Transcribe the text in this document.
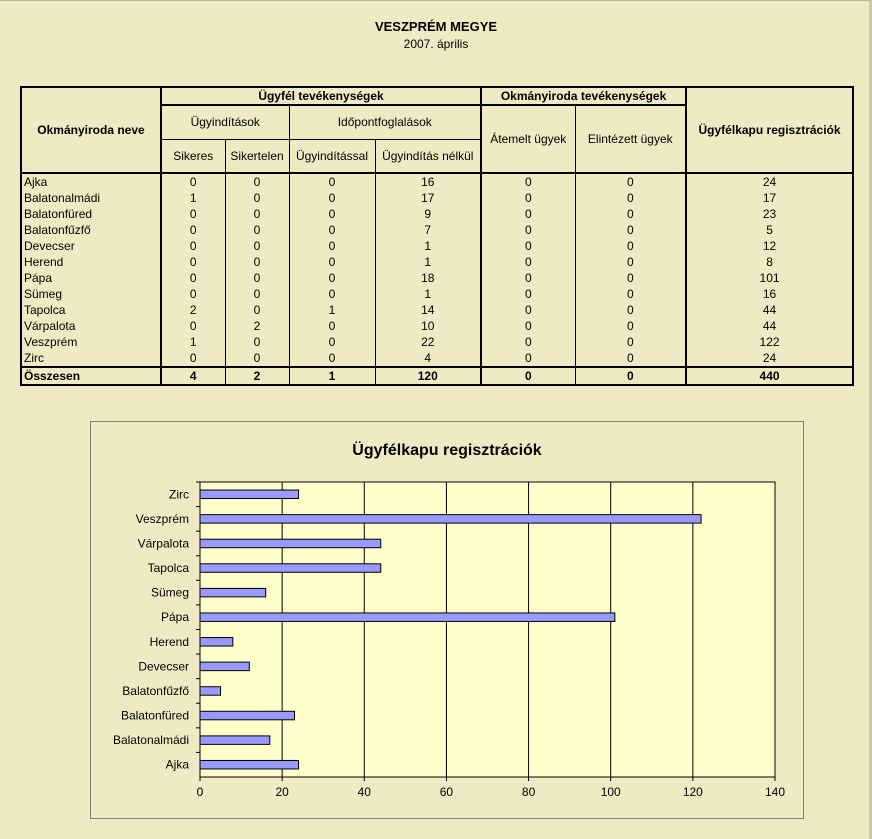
VESZPRÉM MEGYE
2007. április
Okmányiroda neve	Ügyfél tevékenységek				Okmányiroda tevékenységek		Ügyfélkapu regisztrációk
	Ügyindítások		Időpontfoglalások		Átemelt ügyek	Elintézett ügyek	
	Sikeres	Sikertelen	Ügyindítással	Ügyindítás nélkül			
Ajka	0	0	0	16	0	0	24
Balatonalmádi	1	0	0	17	0	0	17
Balatonfüred	0	0	0	9	0	0	23
Balatonfűzfő	0	0	0	7	0	0	5
Devecser	0	0	0	1	0	0	12
Herend	0	0	0	1	0	0	8
Pápa	0	0	0	18	0	0	101
Sümeg	0	0	0	1	0	0	16
Tapolca	2	0	1	14	0	0	44
Várpalota	0	2	0	10	0	0	44
Veszprém	1	0	0	22	0	0	122
Zirc	0	0	0	4	0	0	24
Összesen	4	2	1	120	0	0	440
Ügyfélkapu regisztrációk
0	20	40	60	80	100	120	140
Zirc
Veszprém
Várpalota
Tapolca
Sümeg
Pápa
Herend
Devecser
Balatonfűzfő
Balatonfüred
Balatonalmádi
Ajka
